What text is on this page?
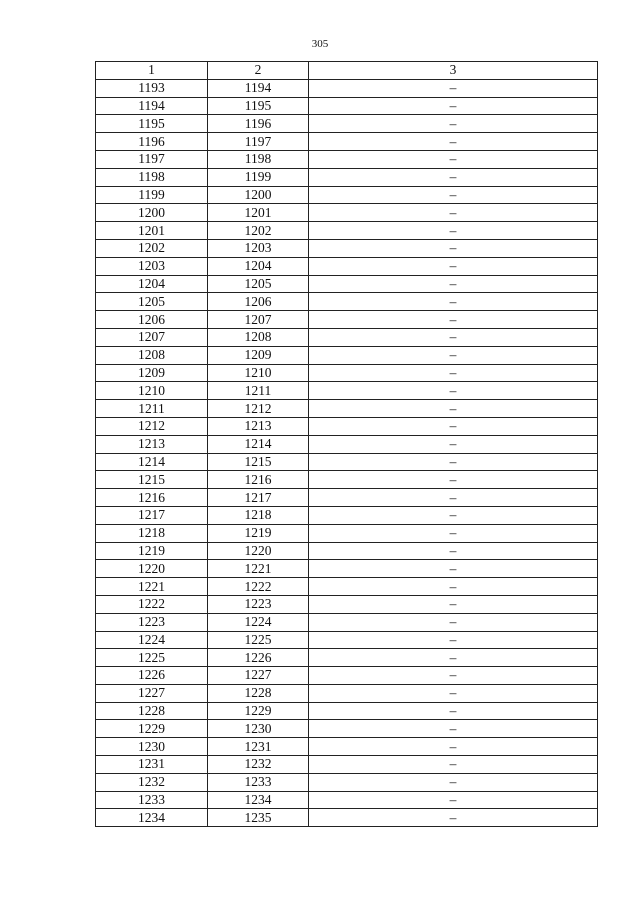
305
1	2	3
1193	1194	–
1194	1195	–
1195	1196	–
1196	1197	–
1197	1198	–
1198	1199	–
1199	1200	–
1200	1201	–
1201	1202	–
1202	1203	–
1203	1204	–
1204	1205	–
1205	1206	–
1206	1207	–
1207	1208	–
1208	1209	–
1209	1210	–
1210	1211	–
1211	1212	–
1212	1213	–
1213	1214	–
1214	1215	–
1215	1216	–
1216	1217	–
1217	1218	–
1218	1219	–
1219	1220	–
1220	1221	–
1221	1222	–
1222	1223	–
1223	1224	–
1224	1225	–
1225	1226	–
1226	1227	–
1227	1228	–
1228	1229	–
1229	1230	–
1230	1231	–
1231	1232	–
1232	1233	–
1233	1234	–
1234	1235	–
